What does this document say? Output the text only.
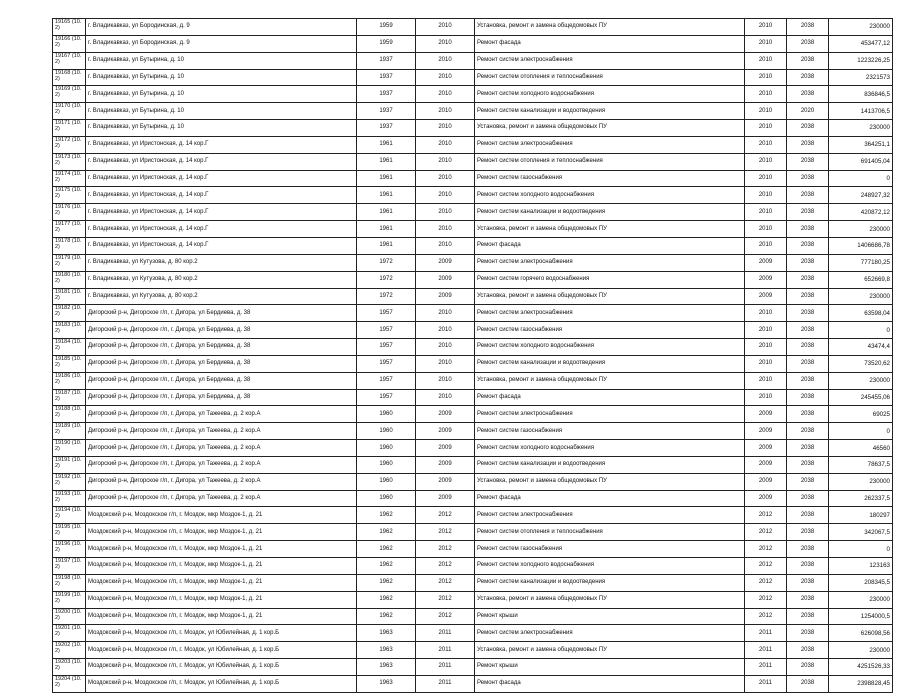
19165 (10.2)	г. Владикавказ, ул Бородинская, д. 9	1959	2010	Установка, ремонт и замена общедомовых ПУ	2010	2038	230000
19166 (10.2)	г. Владикавказ, ул Бородинская, д. 9	1959	2010	Ремонт фасада	2010	2038	453477,12
19167 (10.2)	г. Владикавказ, ул Бутырина, д. 10	1937	2010	Ремонт систем электроснабжения	2010	2038	1223226,25
19168 (10.2)	г. Владикавказ, ул Бутырина, д. 10	1937	2010	Ремонт систем отопления и теплоснабжения	2010	2038	2321573
19169 (10.2)	г. Владикавказ, ул Бутырина, д. 10	1937	2010	Ремонт систем холодного водоснабжения	2010	2038	836846,5
19170 (10.2)	г. Владикавказ, ул Бутырина, д. 10	1937	2010	Ремонт систем канализации и водоотведения	2010	2020	1413706,5
19171 (10.2)	г. Владикавказ, ул Бутырина, д. 10	1937	2010	Установка, ремонт и замена общедомовых ПУ	2010	2038	230000
19172 (10.2)	г. Владикавказ, ул Иристонская, д. 14 кор.Г	1961	2010	Ремонт систем электроснабжения	2010	2038	364251,1
19173 (10.2)	г. Владикавказ, ул Иристонская, д. 14 кор.Г	1961	2010	Ремонт систем отопления и теплоснабжения	2010	2038	691405,04
19174 (10.2)	г. Владикавказ, ул Иристонская, д. 14 кор.Г	1961	2010	Ремонт систем газоснабжения	2010	2038	0
19175 (10.2)	г. Владикавказ, ул Иристонская, д. 14 кор.Г	1961	2010	Ремонт систем холодного водоснабжения	2010	2038	248927,32
19176 (10.2)	г. Владикавказ, ул Иристонская, д. 14 кор.Г	1961	2010	Ремонт систем канализации и водоотведения	2010	2038	420872,12
19177 (10.2)	г. Владикавказ, ул Иристонская, д. 14 кор.Г	1961	2010	Установка, ремонт и замена общедомовых ПУ	2010	2038	230000
19178 (10.2)	г. Владикавказ, ул Иристонская, д. 14 кор.Г	1961	2010	Ремонт фасада	2010	2038	1406686,78
19179 (10.2)	г. Владикавказ, ул Кутузова, д. 80 кор.2	1972	2009	Ремонт систем электроснабжения	2009	2038	777180,25
19180 (10.2)	г. Владикавказ, ул Кутузова, д. 80 кор.2	1972	2009	Ремонт систем горячего водоснабжения	2009	2038	652669,8
19181 (10.2)	г. Владикавказ, ул Кутузова, д. 80 кор.2	1972	2009	Установка, ремонт и замена общедомовых ПУ	2009	2038	230000
19182 (10.2)	Дигорский р-н, Дигорское г/п, г. Дигора, ул Бердиева, д. 38	1957	2010	Ремонт систем электроснабжения	2010	2038	63598,04
19183 (10.2)	Дигорский р-н, Дигорское г/п, г. Дигора, ул Бердиева, д. 38	1957	2010	Ремонт систем газоснабжения	2010	2038	0
19184 (10.2)	Дигорский р-н, Дигорское г/п, г. Дигора, ул Бердиева, д. 38	1957	2010	Ремонт систем холодного водоснабжения	2010	2038	43474,4
19185 (10.2)	Дигорский р-н, Дигорское г/п, г. Дигора, ул Бердиева, д. 38	1957	2010	Ремонт систем канализации и водоотведения	2010	2038	73520,62
19186 (10.2)	Дигорский р-н, Дигорское г/п, г. Дигора, ул Бердиева, д. 38	1957	2010	Установка, ремонт и замена общедомовых ПУ	2010	2038	230000
19187 (10.2)	Дигорский р-н, Дигорское г/п, г. Дигора, ул Бердиева, д. 38	1957	2010	Ремонт фасада	2010	2038	245455,06
19188 (10.2)	Дигорский р-н, Дигорское г/п, г. Дигора, ул Тажеева, д. 2 кор.А	1960	2009	Ремонт систем электроснабжения	2009	2038	69025
19189 (10.2)	Дигорский р-н, Дигорское г/п, г. Дигора, ул Тажеева, д. 2 кор.А	1960	2009	Ремонт систем газоснабжения	2009	2038	0
19190 (10.2)	Дигорский р-н, Дигорское г/п, г. Дигора, ул Тажеева, д. 2 кор.А	1960	2009	Ремонт систем холодного водоснабжения	2009	2038	46560
19191 (10.2)	Дигорский р-н, Дигорское г/п, г. Дигора, ул Тажеева, д. 2 кор.А	1960	2009	Ремонт систем канализации и водоотведения	2009	2038	78637,5
19192 (10.2)	Дигорский р-н, Дигорское г/п, г. Дигора, ул Тажеева, д. 2 кор.А	1960	2009	Установка, ремонт и замена общедомовых ПУ	2009	2038	230000
19193 (10.2)	Дигорский р-н, Дигорское г/п, г. Дигора, ул Тажеева, д. 2 кор.А	1960	2009	Ремонт фасада	2009	2038	262337,5
19194 (10.2)	Моздокский р-н, Моздокское г/п, г. Моздок, мкр Моздок-1, д. 21	1962	2012	Ремонт систем электроснабжения	2012	2038	180297
19195 (10.2)	Моздокский р-н, Моздокское г/п, г. Моздок, мкр Моздок-1, д. 21	1962	2012	Ремонт систем отопления и теплоснабжения	2012	2038	342067,5
19196 (10.2)	Моздокский р-н, Моздокское г/п, г. Моздок, мкр Моздок-1, д. 21	1962	2012	Ремонт систем газоснабжения	2012	2038	0
19197 (10.2)	Моздокский р-н, Моздокское г/п, г. Моздок, мкр Моздок-1, д. 21	1962	2012	Ремонт систем холодного водоснабжения	2012	2038	123163
19198 (10.2)	Моздокский р-н, Моздокское г/п, г. Моздок, мкр Моздок-1, д. 21	1962	2012	Ремонт систем канализации и водоотведения	2012	2038	208345,5
19199 (10.2)	Моздокский р-н, Моздокское г/п, г. Моздок, мкр Моздок-1, д. 21	1962	2012	Установка, ремонт и замена общедомовых ПУ	2012	2038	230000
19200 (10.2)	Моздокский р-н, Моздокское г/п, г. Моздок, мкр Моздок-1, д. 21	1962	2012	Ремонт крыши	2012	2038	1254000,5
19201 (10.2)	Моздокский р-н, Моздокское г/п, г. Моздок, ул Юбилейная, д. 1 кор.Б	1963	2011	Ремонт систем электроснабжения	2011	2038	626098,56
19202 (10.2)	Моздокский р-н, Моздокское г/п, г. Моздок, ул Юбилейная, д. 1 кор.Б	1963	2011	Установка, ремонт и замена общедомовых ПУ	2011	2038	230000
19203 (10.2)	Моздокский р-н, Моздокское г/п, г. Моздок, ул Юбилейная, д. 1 кор.Б	1963	2011	Ремонт крыши	2011	2038	4251526,33
19204 (10.2)	Моздокский р-н, Моздокское г/п, г. Моздок, ул Юбилейная, д. 1 кор.Б	1963	2011	Ремонт фасада	2011	2038	2398828,45
